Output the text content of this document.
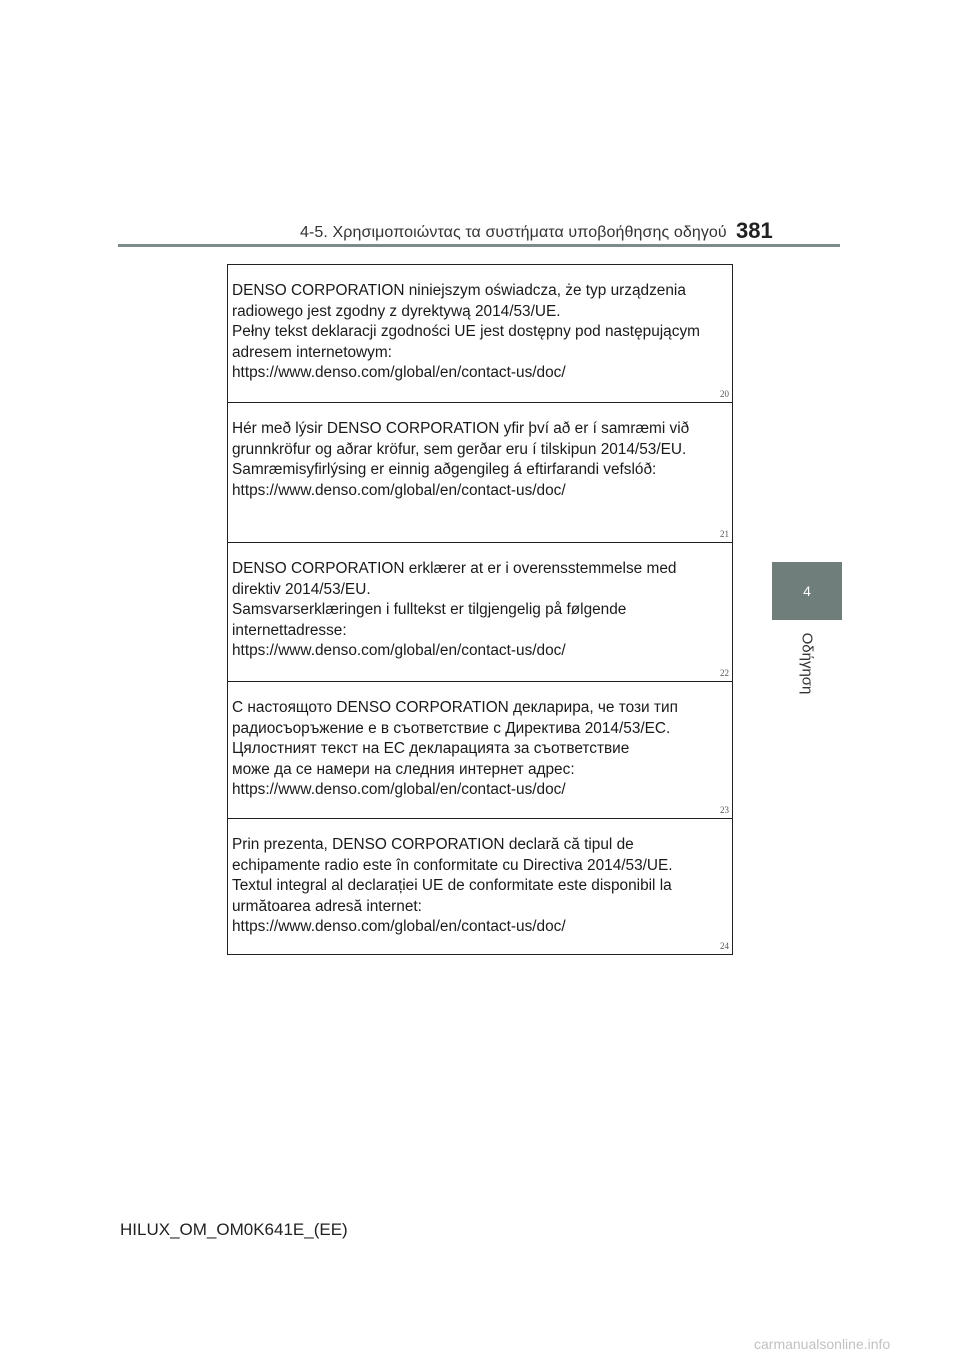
4-5. Χρησιμοποιώντας τα συστήματα υποβοήθησης οδηγού 381
4
Οδήγηση
DENSO CORPORATION niniejszym oświadcza, że typ urządzenia
radiowego jest zgodny z dyrektywą 2014/53/UE.
Pełny tekst deklaracji zgodności UE jest dostępny pod następującym
adresem internetowym:
https://www.denso.com/global/en/contact-us/doc/
20
Hér með lýsir DENSO CORPORATION yfir því að er í samræmi við
grunnkröfur og aðrar kröfur, sem gerðar eru í tilskipun 2014/53/EU.
Samræmisyfirlýsing er einnig aðgengileg á eftirfarandi vefslóð:
https://www.denso.com/global/en/contact-us/doc/
21
DENSO CORPORATION erklærer at er i overensstemmelse med
direktiv 2014/53/EU.
Samsvarserklæringen i fulltekst er tilgjengelig på følgende
internettadresse:
https://www.denso.com/global/en/contact-us/doc/
22
С настоящото DENSO CORPORATION декларира, че този тип
радиосъоръжение е в съответствие с Директива 2014/53/ЕС.
Цялостният текст на ЕС декларацията за съответствие
може да се намери на следния интернет адрес:
https://www.denso.com/global/en/contact-us/doc/
23
Prin prezenta, DENSO CORPORATION declară că tipul de
echipamente radio este în conformitate cu Directiva 2014/53/UE.
Textul integral al declarației UE de conformitate este disponibil la
următoarea adresă internet:
https://www.denso.com/global/en/contact-us/doc/
24
HILUX_OM_OM0K641E_(EE)
carmanualsonline.info
